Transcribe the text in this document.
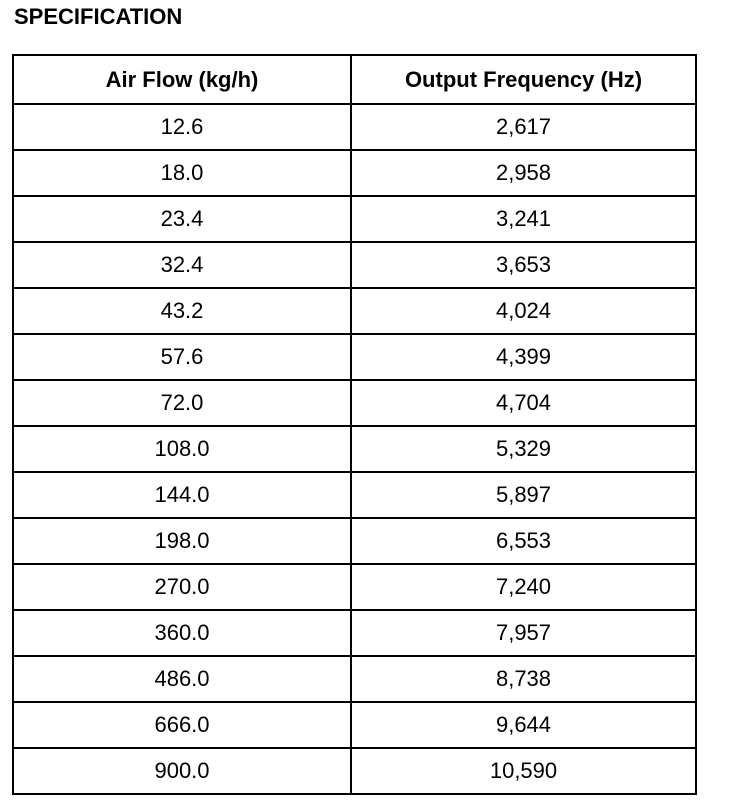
SPECIFICATION
Air Flow (kg/h)	Output Frequency (Hz)
12.6	2,617
18.0	2,958
23.4	3,241
32.4	3,653
43.2	4,024
57.6	4,399
72.0	4,704
108.0	5,329
144.0	5,897
198.0	6,553
270.0	7,240
360.0	7,957
486.0	8,738
666.0	9,644
900.0	10,590
